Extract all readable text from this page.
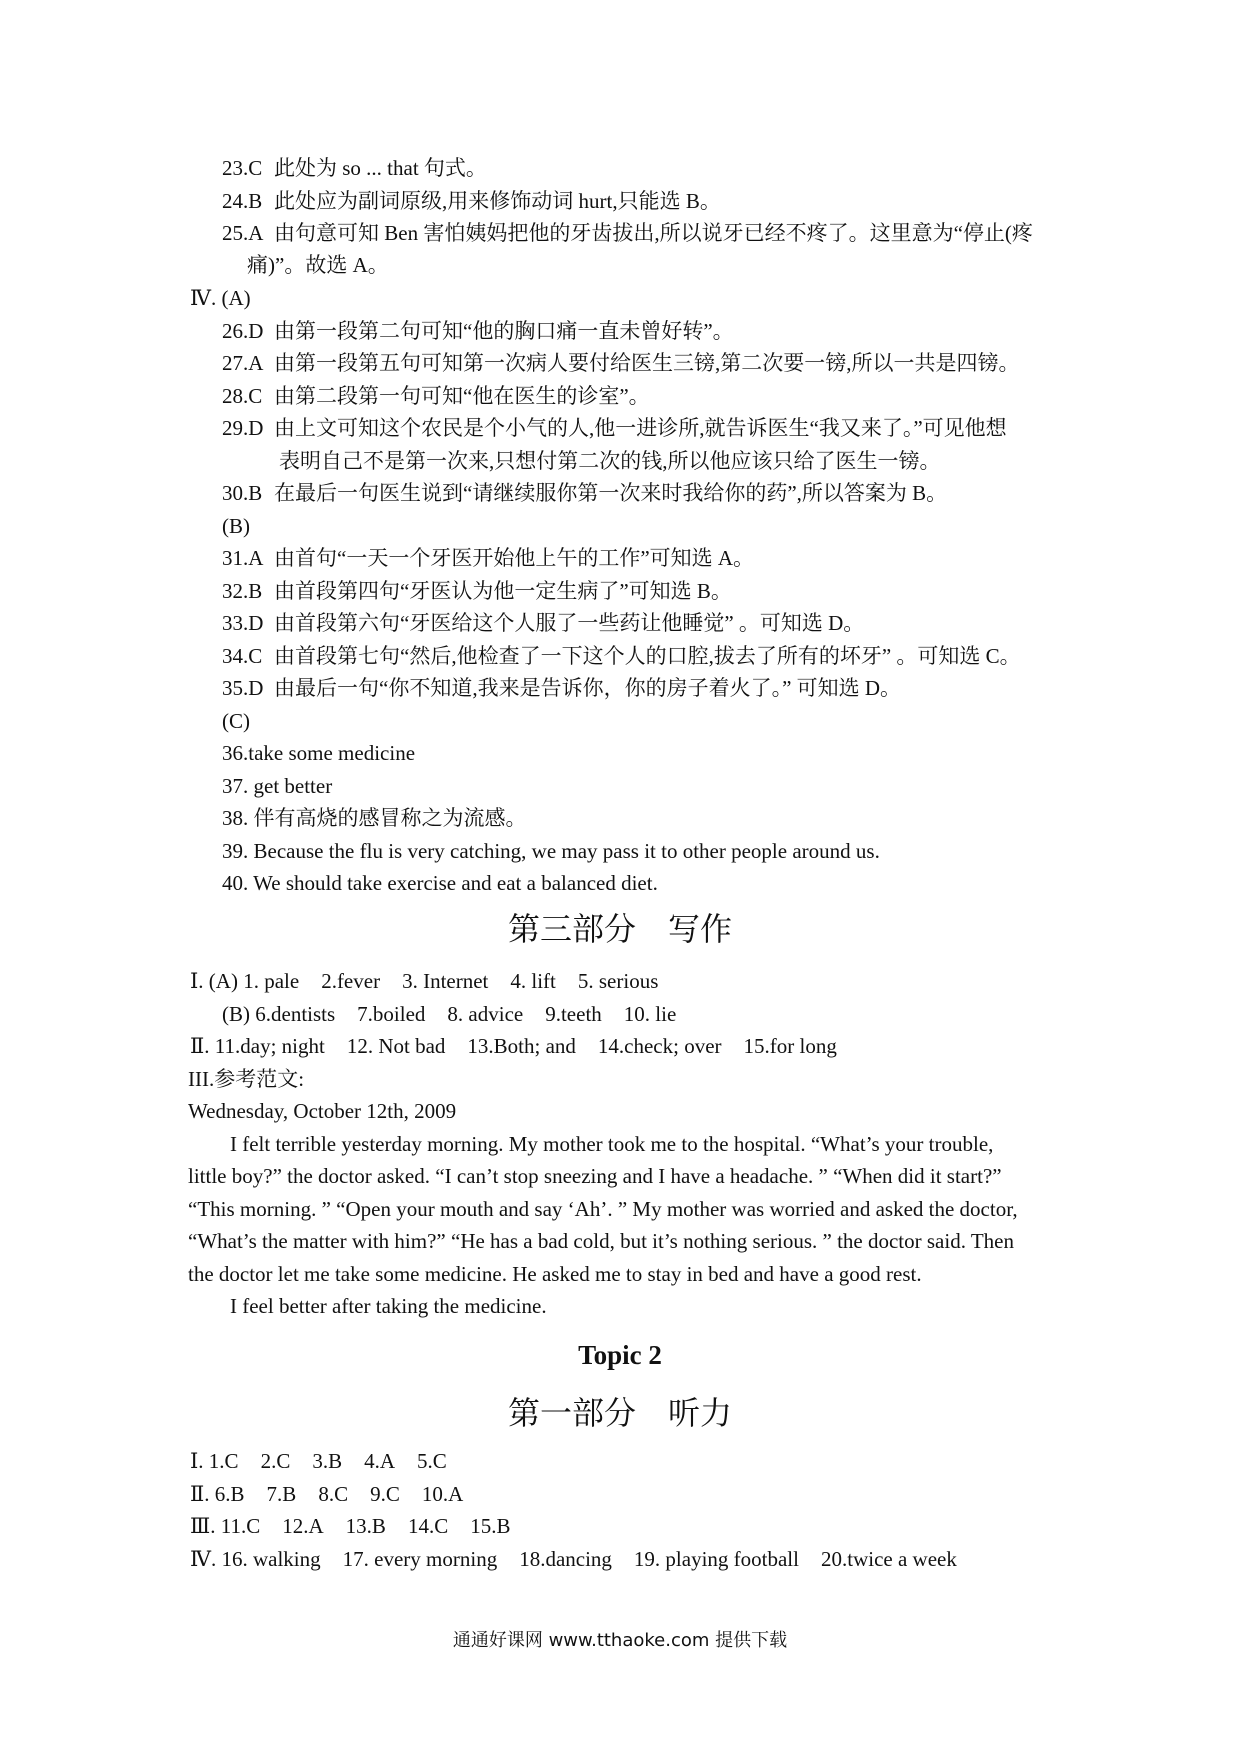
23.C 此处为 so ... that 句式。
24.B 此处应为副词原级,用来修饰动词 hurt,只能选 B。
25.A 由句意可知 Ben 害怕姨妈把他的牙齿拔出,所以说牙已经不疼了。这里意为“停止(疼
痛)”。故选 A。
Ⅳ. (A)
26.D 由第一段第二句可知“他的胸口痛一直未曾好转”。
27.A 由第一段第五句可知第一次病人要付给医生三镑,第二次要一镑,所以一共是四镑。
28.C 由第二段第一句可知“他在医生的诊室”。
29.D 由上文可知这个农民是个小气的人,他一进诊所,就告诉医生“我又来了。”可见他想
表明自己不是第一次来,只想付第二次的钱,所以他应该只给了医生一镑。
30.B 在最后一句医生说到“请继续服你第一次来时我给你的药”,所以答案为 B。
(B)
31.A 由首句“一天一个牙医开始他上午的工作”可知选 A。
32.B 由首段第四句“牙医认为他一定生病了”可知选 B。
33.D 由首段第六句“牙医给这个人服了一些药让他睡觉” 。可知选 D。
34.C 由首段第七句“然后,他检查了一下这个人的口腔,拔去了所有的坏牙” 。可知选 C。
35.D 由最后一句“你不知道,我来是告诉你，你的房子着火了。” 可知选 D。
(C)
36.take some medicine
37. get better
38. 伴有高烧的感冒称之为流感。
39. Because the flu is very catching, we may pass it to other people around us.
40. We should take exercise and eat a balanced diet.
第三部分　写作
Ⅰ. (A) 1. pale 2.fever 3. Internet 4. lift 5. serious
(B) 6.dentists 7.boiled 8. advice 9.teeth 10. lie
Ⅱ. 11.day; night 12. Not bad 13.Both; and 14.check; over 15.for long
III.参考范文:
Wednesday, October 12th, 2009
I felt terrible yesterday morning. My mother took me to the hospital. “What’s your trouble,
little boy?” the doctor asked. “I can’t stop sneezing and I have a headache. ” “When did it start?”
“This morning. ” “Open your mouth and say ‘Ah’. ” My mother was worried and asked the doctor,
“What’s the matter with him?” “He has a bad cold, but it’s nothing serious. ” the doctor said. Then
the doctor let me take some medicine. He asked me to stay in bed and have a good rest.
I feel better after taking the medicine.
Topic 2
第一部分　听力
Ⅰ. 1.C 2.C 3.B 4.A 5.C
Ⅱ. 6.B 7.B 8.C 9.C 10.A
Ⅲ. 11.C 12.A 13.B 14.C 15.B
Ⅳ. 16. walking 17. every morning 18.dancing 19. playing football 20.twice a week
通通好课网 www.tthaoke.com 提供下载
